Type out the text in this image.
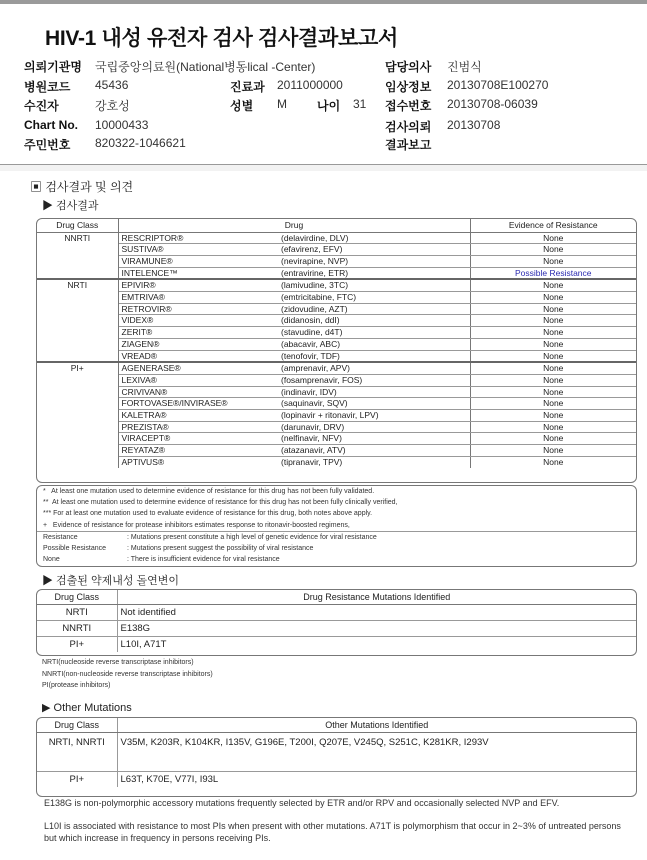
HIV-1 내성 유전자 검사 검사결과보고서
의뢰기관명 국립중앙의료원(National병동lical -Center)	담당의사 진범식
병원코드 45436	진료과 2011000000	임상정보 20130708E100270
수진자	강호성	성별 M	나이 31 접수번호 20130708-06039
Chart No. 10000433	검사의뢰 20130708
주민번호 820322-1046621	결과보고
▣ 검사결과 및 의견
▶ 검사결과
Drug Class	Drug		Evidence of Resistance
NNRTI	RESCRIPTOR®	(delavirdine, DLV)	None
	SUSTIVA®	(efavirenz, EFV)	None
	VIRAMUNE®	(nevirapine, NVP)	None
	INTELENCE™	(entravirine, ETR)	Possible Resistance
NRTI	EPIVIR®	(lamivudine, 3TC)	None
	EMTRIVA®	(emtricitabine, FTC)	None
	RETROVIR®	(zidovudine, AZT)	None
	VIDEX®	(didanosin, ddI)	None
	ZERIT®	(stavudine, d4T)	None
	ZIAGEN®	(abacavir, ABC)	None
	VREAD®	(tenofovir, TDF)	None
PI+	AGENERASE®	(amprenavir, APV)	None
	LEXIVA®	(fosamprenavir, FOS)	None
	CRIVIVAN®	(indinavir, IDV)	None
	FORTOVASE®/INVIRASE®	(saquinavir, SQV)	None
	KALETRA®	(lopinavir + ritonavir, LPV)	None
	PREZISTA®	(darunavir, DRV)	None
	VIRACEPT®	(nelfinavir, NFV)	None
	REYATAZ®	(atazanavir, ATV)	None
	APTIVUS®	(tipranavir, TPV)	None
*   At least one mutation used to determine evidence of resistance for this drug has not been fully validated.
**  At least one mutation used to determine evidence of resistance for this drug has not been fully clinically verified,
*** For at least one mutation used to evaluate evidence of resistance for this drug, both notes above apply.
+   Evidence of resistance for protease inhibitors estimates response to ritonavir-boosted regimens,
Resistance	: Mutations present constitute a high level of genetic evidence for viral resistance
Possible Resistance	: Mutations present suggest the possibility of viral resistance
None	: There is insufficient evidence for viral resistance
▶ 검출된 약제내성 돌연변이
Drug Class	Drug Resistance Mutations Identified
NRTI	Not identified
NNRTI	E138G
PI+	L10I, A71T
NRTI(nucleoside reverse transcriptase inhibitors)
NNRTI(non-nucleoside reverse transcriptase inhibitors)
PI(protease inhibitors)
▶ Other Mutations
Drug Class	Other Mutations Identified
NRTI, NNRTI	V35M, K203R, K104KR, I135V, G196E, T200I, Q207E, V245Q, S251C, K281KR, I293V
PI+	L63T, K70E, V77I, I93L
E138G is non-polymorphic accessory mutations frequently selected by ETR and/or RPV and occasionally selected NVP and EFV.
L10I is associated with resistance to most PIs when present with other mutations. A71T is polymorphism that occur in 2~3% of untreated persons but which increase in frequency in persons receiving PIs.
